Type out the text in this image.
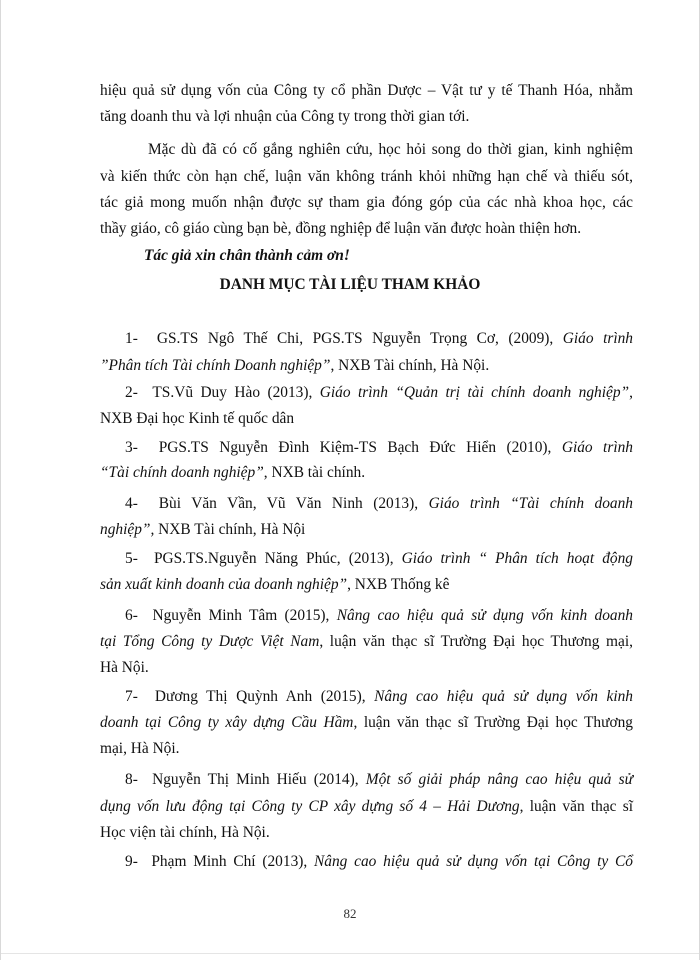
hiệu quả sử dụng vốn của Công ty cổ phần Dược – Vật tư y tế Thanh Hóa, nhằm
tăng doanh thu và lợi nhuận của Công ty trong thời gian tới.
Mặc dù đã có cố gắng nghiên cứu, học hỏi song do thời gian, kinh nghiệm
và kiến thức còn hạn chế, luận văn không tránh khỏi những hạn chế và thiếu sót,
tác giả mong muốn nhận được sự tham gia đóng góp của các nhà khoa học, các
thầy giáo, cô giáo cùng bạn bè, đồng nghiệp để luận văn được hoàn thiện hơn.
Tác giả xin chân thành cảm ơn!
DANH MỤC TÀI LIỆU THAM KHẢO
1-  GS.TS Ngô Thế Chi, PGS.TS Nguyễn Trọng Cơ, (2009), Giáo trình
”Phân tích Tài chính Doanh nghiệp”, NXB Tài chính, Hà Nội.
2-  TS.Vũ Duy Hào (2013), Giáo trình “Quản trị tài chính doanh nghiệp”,
NXB Đại học Kinh tế quốc dân
3-  PGS.TS Nguyễn Đình Kiệm-TS Bạch Đức Hiển (2010), Giáo trình
“Tài chính doanh nghiệp”, NXB tài chính.
4-  Bùi Văn Vần, Vũ Văn Ninh (2013), Giáo trình “Tài chính doanh
nghiệp”, NXB Tài chính, Hà Nội
5-  PGS.TS.Nguyễn Năng Phúc, (2013), Giáo trình “ Phân tích hoạt động
sản xuất kinh doanh của doanh nghiệp”, NXB Thống kê
6-  Nguyễn Minh Tâm (2015), Nâng cao hiệu quả sử dụng vốn kinh doanh
tại Tổng Công ty Dược Việt Nam, luận văn thạc sĩ Trường Đại học Thương mại,
Hà Nội.
7-  Dương Thị Quỳnh Anh (2015), Nâng cao hiệu quả sử dụng vốn kinh
doanh tại Công ty xây dựng Cầu Hầm, luận văn thạc sĩ Trường Đại học Thương
mại, Hà Nội.
8-  Nguyễn Thị Minh Hiếu (2014), Một số giải pháp nâng cao hiệu quả sử
dụng vốn lưu động tại Công ty CP xây dựng số 4 – Hải Dương, luận văn thạc sĩ
Học viện tài chính, Hà Nội.
9-  Phạm Minh Chí (2013), Nâng cao hiệu quả sử dụng vốn tại Công ty Cổ
82
